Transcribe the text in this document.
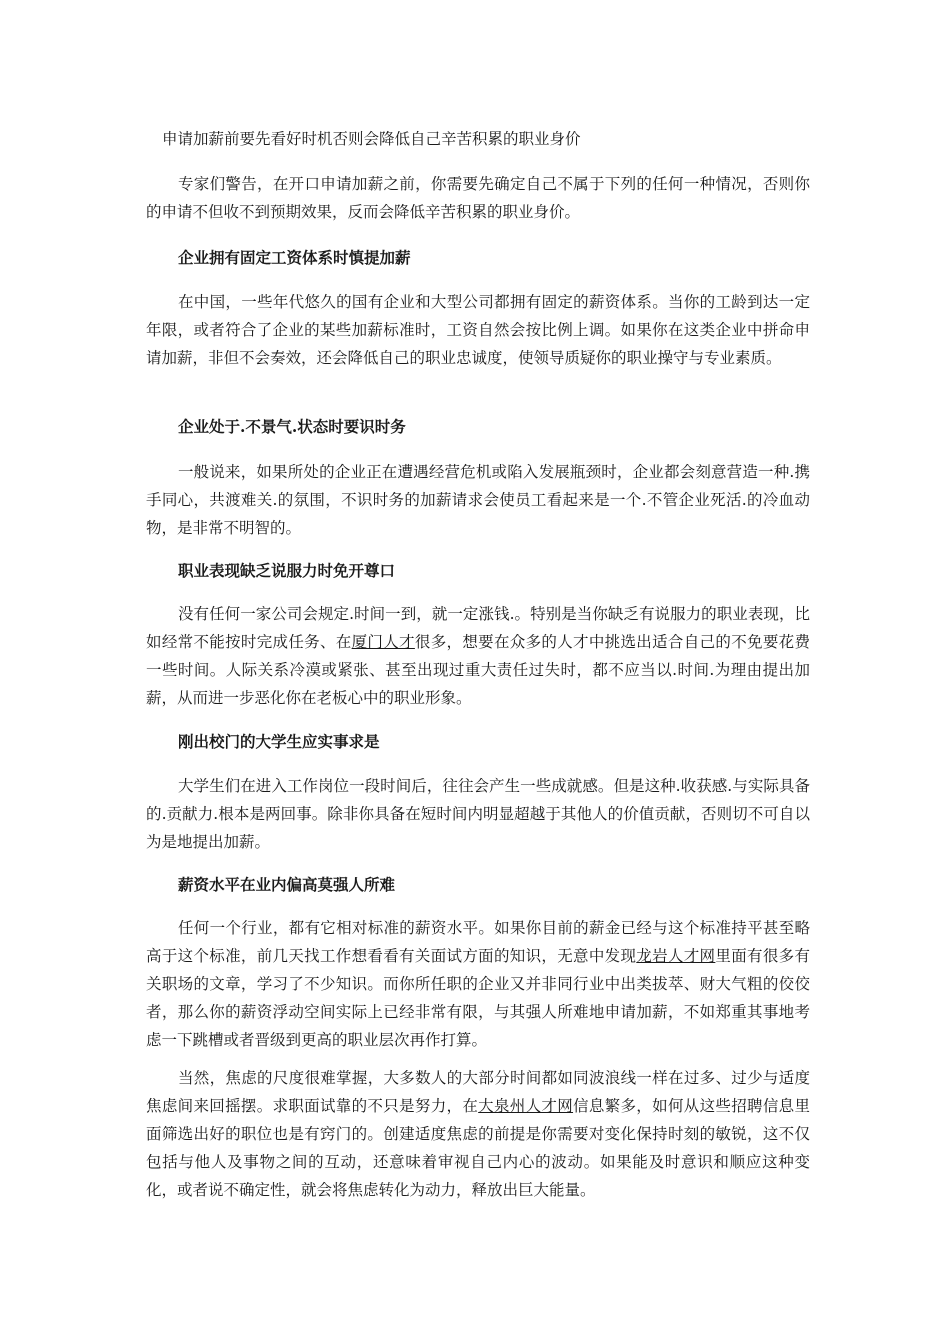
申请加薪前要先看好时机否则会降低自己辛苦积累的职业身价
专家们警告，在开口申请加薪之前，你需要先确定自己不属于下列的任何一种情况，否则你的申请不但收不到预期效果，反而会降低辛苦积累的职业身价。
企业拥有固定工资体系时慎提加薪
在中国，一些年代悠久的国有企业和大型公司都拥有固定的薪资体系。当你的工龄到达一定年限，或者符合了企业的某些加薪标准时，工资自然会按比例上调。如果你在这类企业中拼命申请加薪，非但不会奏效，还会降低自己的职业忠诚度，使领导质疑你的职业操守与专业素质。
企业处于.不景气.状态时要识时务
一般说来，如果所处的企业正在遭遇经营危机或陷入发展瓶颈时，企业都会刻意营造一种.携手同心，共渡难关.的氛围，不识时务的加薪请求会使员工看起来是一个.不管企业死活.的冷血动物，是非常不明智的。
职业表现缺乏说服力时免开尊口
没有任何一家公司会规定.时间一到，就一定涨钱.。特别是当你缺乏有说服力的职业表现，比如经常不能按时完成任务、在厦门人才很多，想要在众多的人才中挑选出适合自己的不免要花费一些时间。人际关系冷漠或紧张、甚至出现过重大责任过失时，都不应当以.时间.为理由提出加薪，从而进一步恶化你在老板心中的职业形象。
刚出校门的大学生应实事求是
大学生们在进入工作岗位一段时间后，往往会产生一些成就感。但是这种.收获感.与实际具备的.贡献力.根本是两回事。除非你具备在短时间内明显超越于其他人的价值贡献，否则切不可自以为是地提出加薪。
薪资水平在业内偏高莫强人所难
任何一个行业，都有它相对标准的薪资水平。如果你目前的薪金已经与这个标准持平甚至略高于这个标准，前几天找工作想看看有关面试方面的知识，无意中发现龙岩人才网里面有很多有关职场的文章，学习了不少知识。而你所任职的企业又并非同行业中出类拔萃、财大气粗的佼佼者，那么你的薪资浮动空间实际上已经非常有限，与其强人所难地申请加薪，不如郑重其事地考虑一下跳槽或者晋级到更高的职业层次再作打算。
当然，焦虑的尺度很难掌握，大多数人的大部分时间都如同波浪线一样在过多、过少与适度焦虑间来回摇摆。求职面试靠的不只是努力，在大泉州人才网信息繁多，如何从这些招聘信息里面筛选出好的职位也是有窍门的。创建适度焦虑的前提是你需要对变化保持时刻的敏锐，这不仅包括与他人及事物之间的互动，还意味着审视自己内心的波动。如果能及时意识和顺应这种变化，或者说不确定性，就会将焦虑转化为动力，释放出巨大能量。
